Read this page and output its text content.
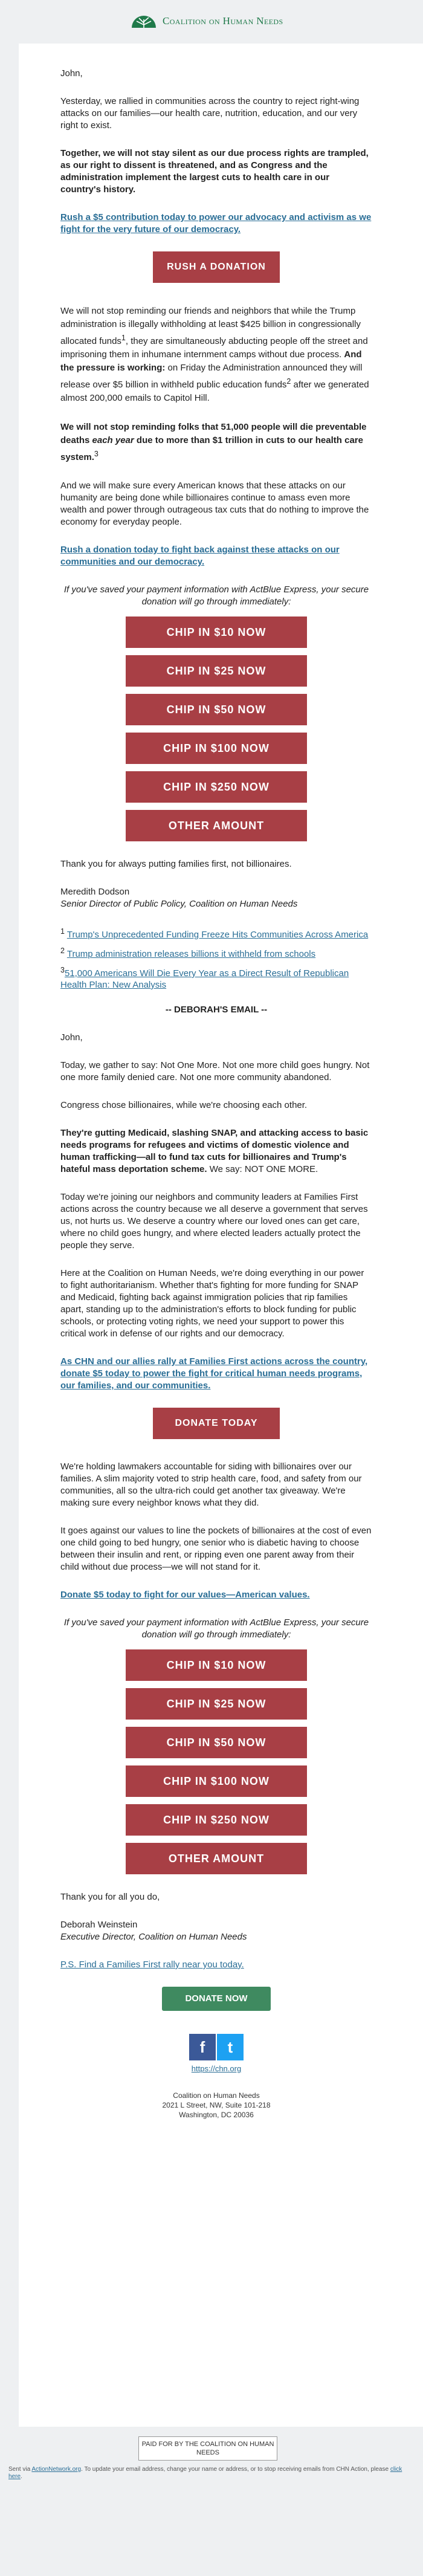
Coalition on Human Needs

John,

Yesterday, we rallied in communities across the country to reject right-wing attacks on our families—our health care, nutrition, education, and our very right to exist.

Together, we will not stay silent as our due process rights are trampled, as our right to dissent is threatened, and as Congress and the administration implement the largest cuts to health care in our country's history.

Rush a $5 contribution today to power our advocacy and activism as we fight for the very future of our democracy.

RUSH A DONATION

We will not stop reminding our friends and neighbors that while the Trump administration is illegally withholding at least $425 billion in congressionally allocated funds$^1$, they are simultaneously abducting people off the street and imprisoning them in inhumane internment camps without due process. And the pressure is working: on Friday the Administration announced they will release over $5 billion in withheld public education funds$^2$ after we generated almost 200,000 emails to Capitol Hill.

We will not stop reminding folks that 51,000 people will die preventable deaths each year due to more than $1 trillion in cuts to our health care system.$^3$

And we will make sure every American knows that these attacks on our humanity are being done while billionaires continue to amass even more wealth and power through outrageous tax cuts that do nothing to improve the economy for everyday people.

Rush a donation today to fight back against these attacks on our communities and our democracy.

If you've saved your payment information with ActBlue Express, your secure donation will go through immediately:

CHIP IN $10 NOW
CHIP IN $25 NOW
CHIP IN $50 NOW
CHIP IN $100 NOW
CHIP IN $250 NOW
OTHER AMOUNT

Thank you for always putting families first, not billionaires.

Meredith Dodson
Senior Director of Public Policy, Coalition on Human Needs

$^1$ Trump's Unprecedented Funding Freeze Hits Communities Across America

$^2$ Trump administration releases billions it withheld from schools

$^3$51,000 Americans Will Die Every Year as a Direct Result of Republican Health Plan: New Analysis

-- DEBORAH'S EMAIL --

John,

Today, we gather to say: Not One More. Not one more child goes hungry. Not one more family denied care. Not one more community abandoned.

Congress chose billionaires, while we're choosing each other.

They're gutting Medicaid, slashing SNAP, and attacking access to basic needs programs for refugees and victims of domestic violence and human trafficking—all to fund tax cuts for billionaires and Trump's hateful mass deportation scheme. We say: NOT ONE MORE.

Today we're joining our neighbors and community leaders at Families First actions across the country because we all deserve a government that serves us, not hurts us. We deserve a country where our loved ones can get care, where no child goes hungry, and where elected leaders actually protect the people they serve.

Here at the Coalition on Human Needs, we're doing everything in our power to fight authoritarianism. Whether that's fighting for more funding for SNAP and Medicaid, fighting back against immigration policies that rip families apart, standing up to the administration's efforts to block funding for public schools, or protecting voting rights, we need your support to power this critical work in defense of our rights and our democracy.

As CHN and our allies rally at Families First actions across the country, donate $5 today to power the fight for critical human needs programs, our families, and our communities.

DONATE TODAY

We're holding lawmakers accountable for siding with billionaires over our families. A slim majority voted to strip health care, food, and safety from our communities, all so the ultra-rich could get another tax giveaway. We're making sure every neighbor knows what they did.

It goes against our values to line the pockets of billionaires at the cost of even one child going to bed hungry, one senior who is diabetic having to choose between their insulin and rent, or ripping even one parent away from their child without due process—we will not stand for it.

Donate $5 today to fight for our values—American values.

If you've saved your payment information with ActBlue Express, your secure donation will go through immediately:

CHIP IN $10 NOW
CHIP IN $25 NOW
CHIP IN $50 NOW
CHIP IN $100 NOW
CHIP IN $250 NOW
OTHER AMOUNT

Thank you for all you do,

Deborah Weinstein
Executive Director, Coalition on Human Needs

P.S. Find a Families First rally near you today.

DONATE NOW
f	t

https://chn.org

Coalition on Human Needs
2021 L Street, NW, Suite 101-218
Washington, DC 20036
PAID FOR BY THE COALITION ON HUMAN NEEDS
Sent via ActionNetwork.org. To update your email address, change your name or address, or to stop receiving emails from CHN Action, please click here.
